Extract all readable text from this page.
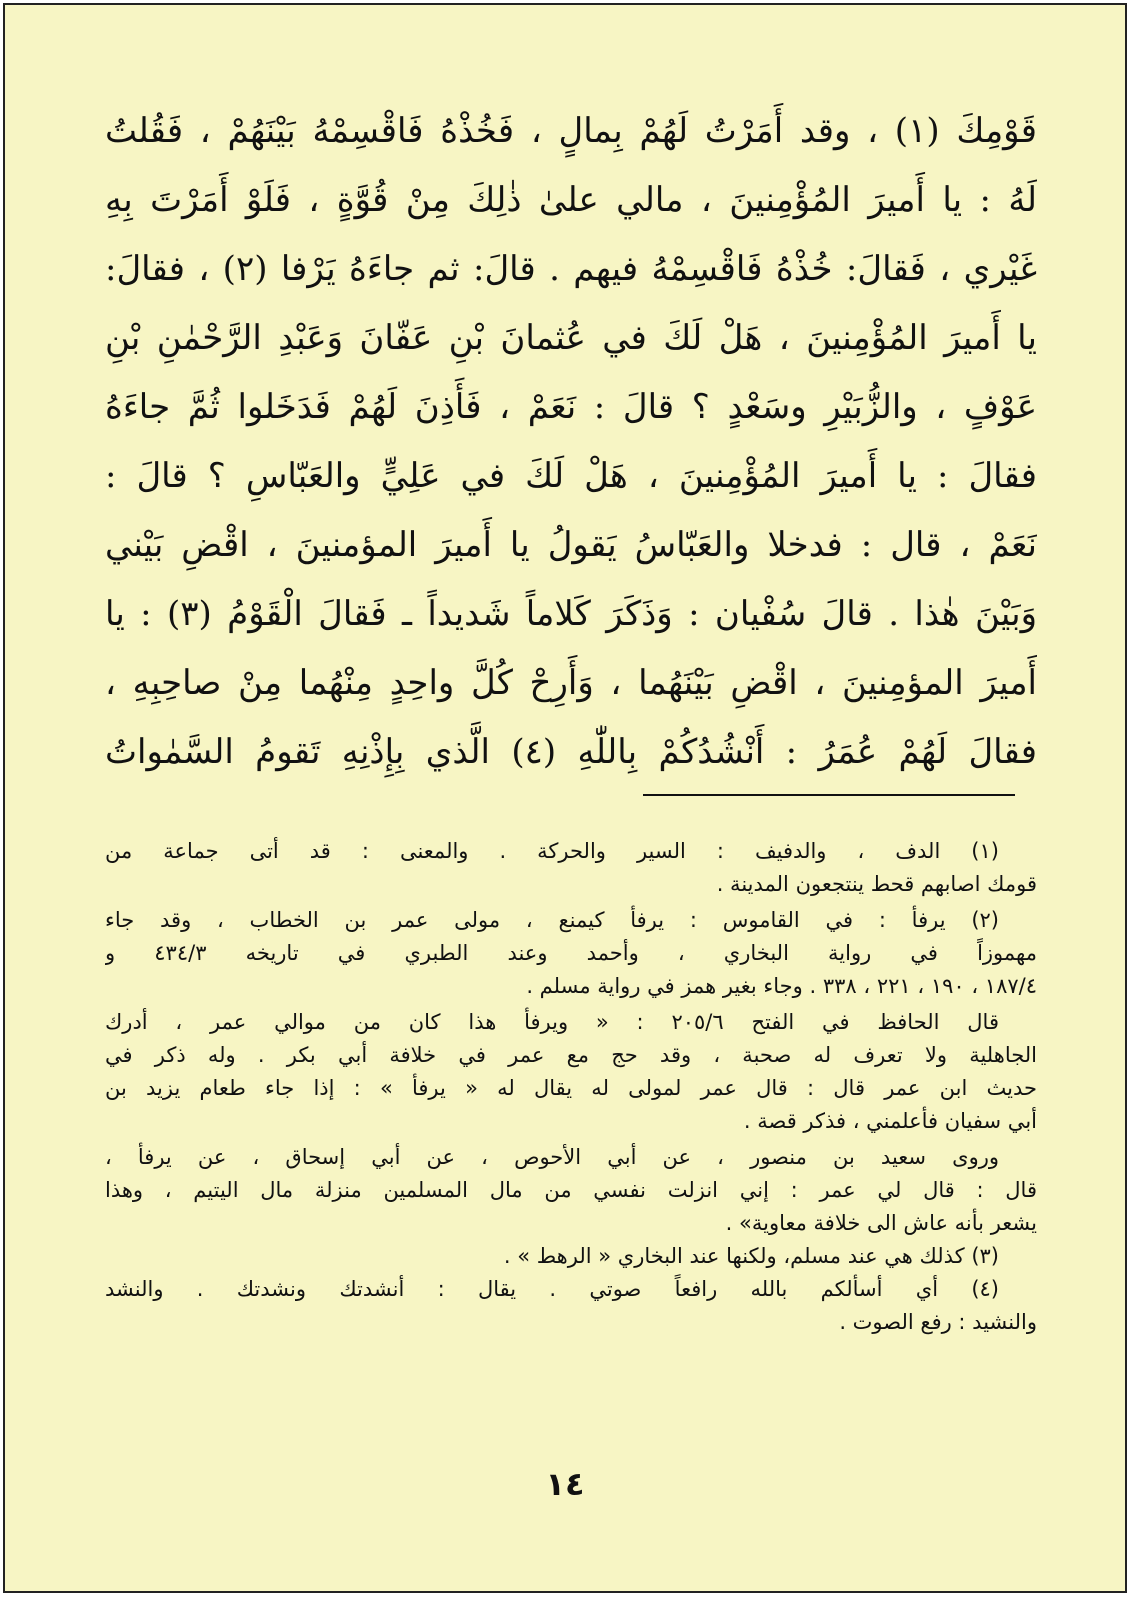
قَوْمِكَ (١) ، وقد أَمَرْتُ لَهُمْ بِمالٍ ، فَخُذْهُ فَاقْسِمْهُ بَيْنَهُمْ ، فَقُلتُ
لَهُ : يا أَميرَ المُؤْمِنينَ ، مالي علىٰ ذٰلِكَ مِنْ قُوَّةٍ ، فَلَوْ أَمَرْتَ بِهِ
غَيْري ، فَقالَ: خُذْهُ فَاقْسِمْهُ فيهم . قالَ: ثم جاءَهُ يَرْفا (٢) ، فقالَ:
يا أَميرَ المُؤْمِنينَ ، هَلْ لَكَ في عُثمانَ بْنِ عَفّانَ وَعَبْدِ الرَّحْمٰنِ بْنِ
عَوْفٍ ، والزُّبَيْرِ وسَعْدٍ ؟ قالَ : نَعَمْ ، فَأَذِنَ لَهُمْ فَدَخَلوا ثُمَّ جاءَهُ
فقالَ : يا أَميرَ المُؤْمِنينَ ، هَلْ لَكَ في عَلِيٍّ والعَبّاسِ ؟ قالَ :
نَعَمْ ، قال : فدخلا والعَبّاسُ يَقولُ يا أَميرَ المؤمنينَ ، اقْضِ بَيْني
وَبَيْنَ هٰذا . قالَ سُفْيان : وَذَكَرَ كَلاماً شَديداً ـ فَقالَ الْقَوْمُ (٣) : يا
أَميرَ المؤمِنينَ ، اقْضِ بَيْنَهُما ، وَأَرِحْ كُلَّ واحِدٍ مِنْهُما مِنْ صاحِبِهِ ،
فقالَ لَهُمْ عُمَرُ : أَنْشُدُكُمْ بِاللّٰهِ (٤) الَّذي بِإِذْنِهِ تَقومُ السَّمٰواتُ
(١) الدف ، والدفيف : السير والحركة . والمعنى : قد أتى جماعة من
قومك اصابهم قحط ينتجعون المدينة .
(٢) يرفأ : في القاموس : يرفأ كيمنع ، مولى عمر بن الخطاب ، وقد جاء
مهموزاً في رواية البخاري ، وأحمد وعند الطبري في تاريخه ٤٣٤/٣ و
١٨٧/٤ ، ١٩٠ ، ٢٢١ ، ٣٣٨ . وجاء بغير همز في رواية مسلم .
قال الحافظ في الفتح ٢٠٥/٦ : « ويرفأ هذا كان من موالي عمر ، أدرك
الجاهلية ولا تعرف له صحبة ، وقد حج مع عمر في خلافة أبي بكر . وله ذكر في
حديث ابن عمر قال : قال عمر لمولى له يقال له « يرفأ » : إذا جاء طعام يزيد بن
أبي سفيان فأعلمني ، فذكر قصة .
وروى سعيد بن منصور ، عن أبي الأحوص ، عن أبي إسحاق ، عن يرفأ ،
قال : قال لي عمر : إني انزلت نفسي من مال المسلمين منزلة مال اليتيم ، وهذا
يشعر بأنه عاش الى خلافة معاوية» .
(٣) كذلك هي عند مسلم، ولكنها عند البخاري « الرهط » .
(٤) أي أسألكم بالله رافعاً صوتي . يقال : أنشدتك ونشدتك . والنشد
والنشيد : رفع الصوت .
١٤
